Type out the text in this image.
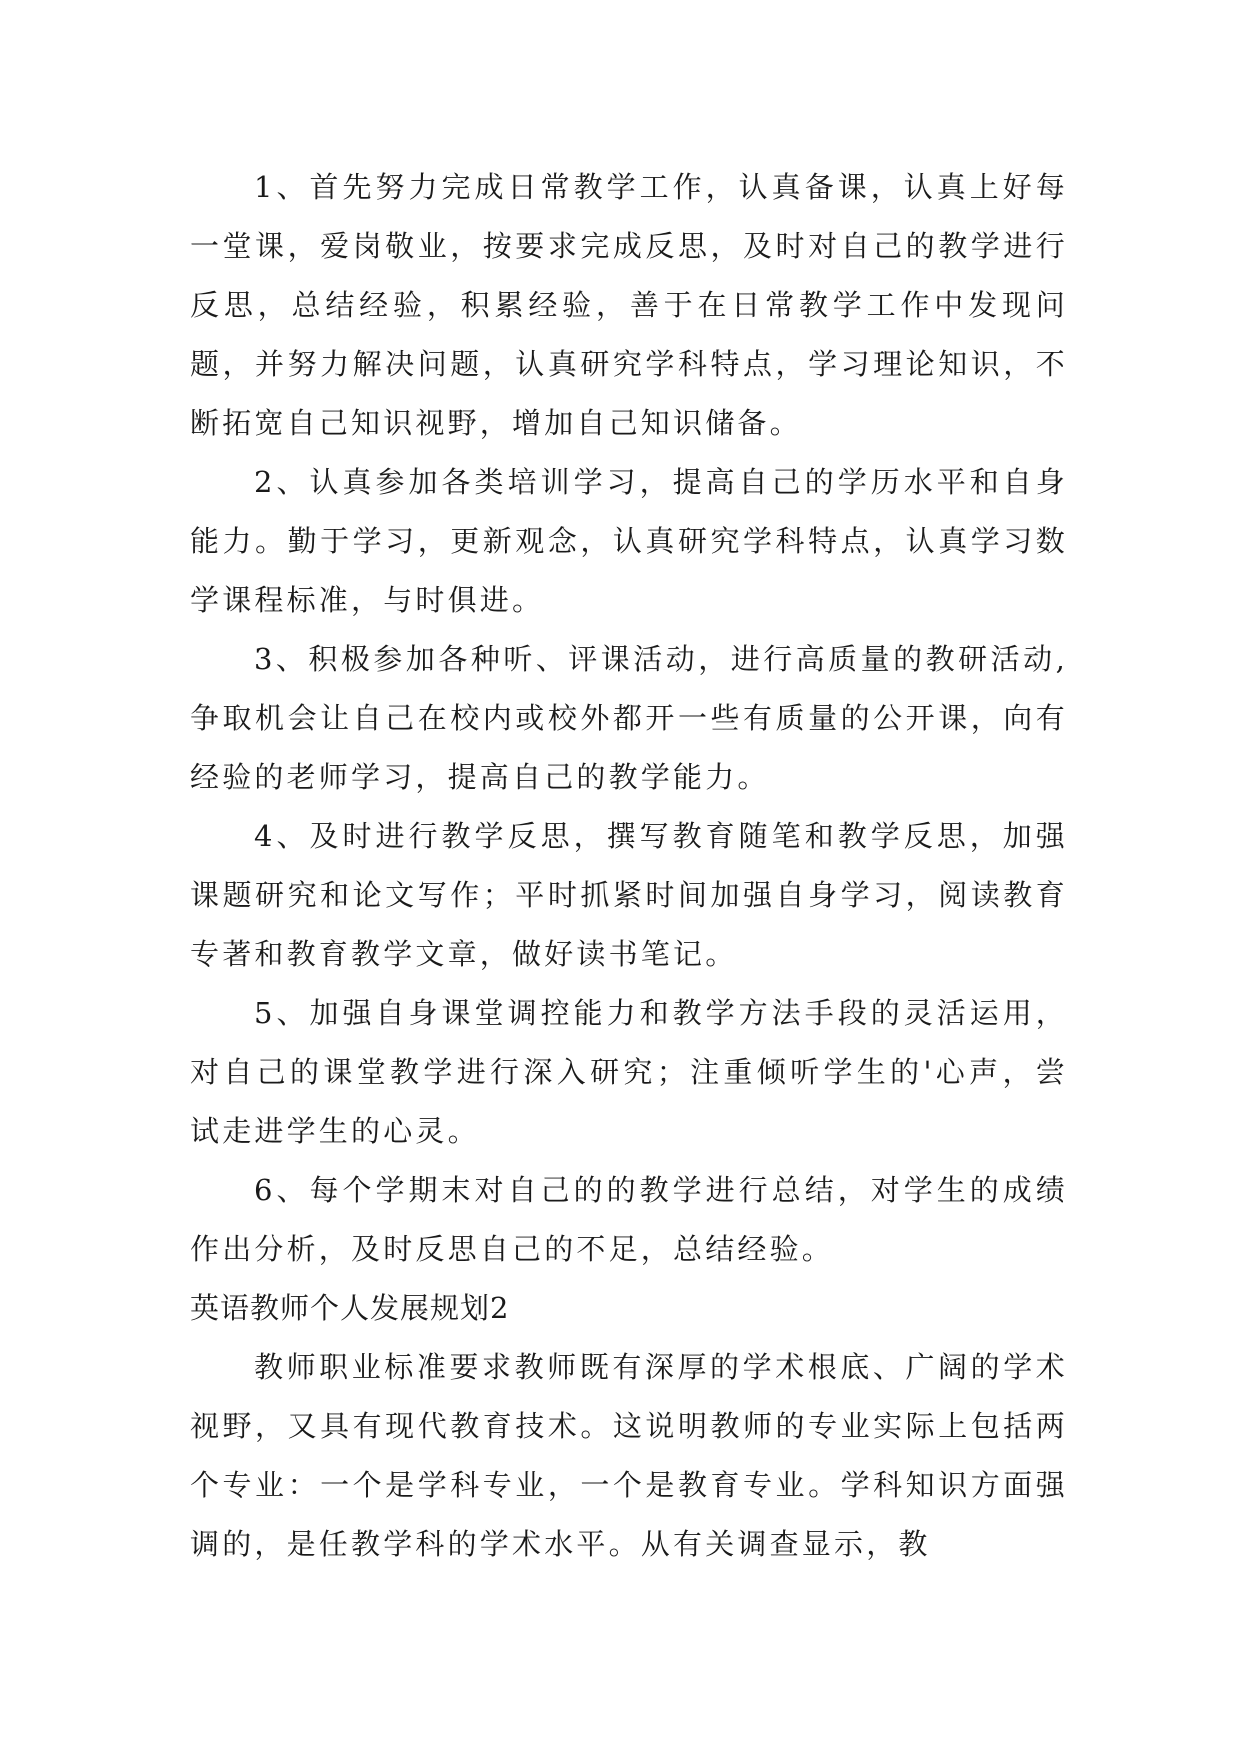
1、首先努力完成日常教学工作，认真备课，认真上好每一堂课，爱岗敬业，按要求完成反思，及时对自己的教学进行反思，总结经验，积累经验，善于在日常教学工作中发现问题，并努力解决问题，认真研究学科特点，学习理论知识，不断拓宽自己知识视野，增加自己知识储备。

2、认真参加各类培训学习，提高自己的学历水平和自身能力。勤于学习，更新观念，认真研究学科特点，认真学习数学课程标准，与时俱进。

3、积极参加各种听、评课活动，进行高质量的教研活动,争取机会让自己在校内或校外都开一些有质量的公开课，向有经验的老师学习，提高自己的教学能力。

4、及时进行教学反思，撰写教育随笔和教学反思，加强课题研究和论文写作；平时抓紧时间加强自身学习，阅读教育专著和教育教学文章，做好读书笔记。

5、加强自身课堂调控能力和教学方法手段的灵活运用，对自己的课堂教学进行深入研究；注重倾听学生的'心声，尝试走进学生的心灵。

6、每个学期末对自己的的教学进行总结，对学生的成绩作出分析，及时反思自己的不足，总结经验。

英语教师个人发展规划2

教师职业标准要求教师既有深厚的学术根底、广阔的学术视野，又具有现代教育技术。这说明教师的专业实际上包括两个专业：一个是学科专业，一个是教育专业。学科知识方面强调的，是任教学科的学术水平。从有关调查显示，教
